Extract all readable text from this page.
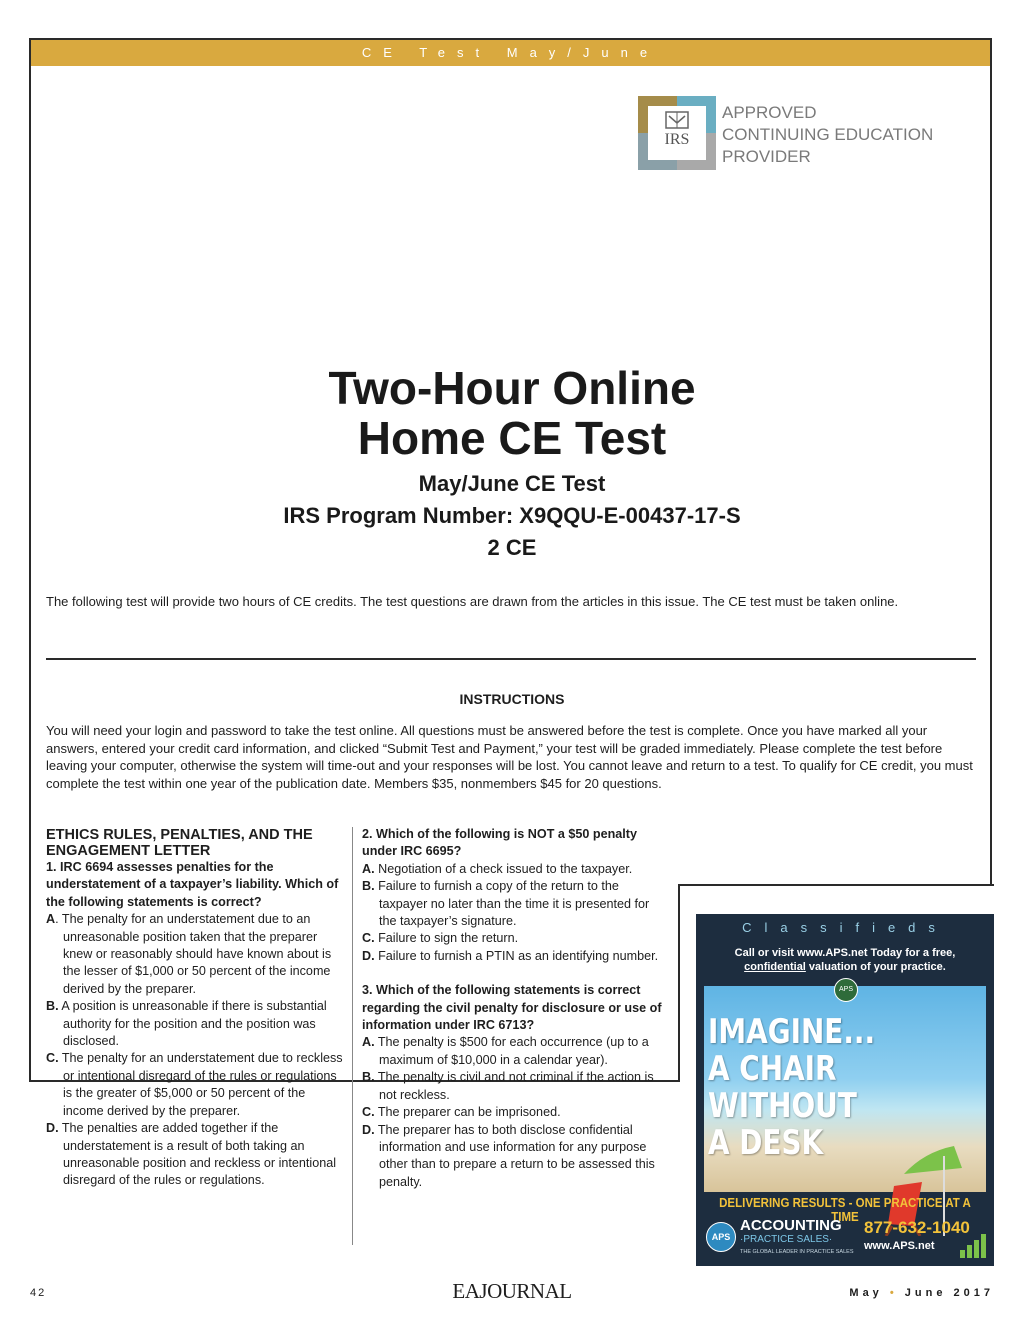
CE Test May/June
IRS
APPROVED
CONTINUING EDUCATION
PROVIDER
Two-Hour Online
Home CE Test
May/June CE Test
IRS Program Number: X9QQU-E-00437-17-S
2 CE
The following test will provide two hours of CE credits. The test questions are drawn from the articles in this issue. The CE test must be taken online.
INSTRUCTIONS
You will need your login and password to take the test online. All questions must be answered before the test is complete. Once you have marked all your answers, entered your credit card information, and clicked “Submit Test and Payment,” your test will be graded immediately. Please complete the test before leaving your computer, otherwise the system will time-out and your responses will be lost. You cannot leave and return to a test. To qualify for CE credit, you must complete the test within one year of the publication date. Members $35, nonmembers $45 for 20 questions.
ETHICS RULES, PENALTIES, AND THE ENGAGEMENT LETTER
1. IRC 6694 assesses penalties for the understatement of a taxpayer’s liability. Which of the following statements is correct?
A. The penalty for an understatement due to an unreasonable position taken that the preparer knew or reasonably should have known about is the lesser of $1,000 or 50 percent of the income derived by the preparer.
B. A position is unreasonable if there is substantial authority for the position and the position was disclosed.
C. The penalty for an understatement due to reckless or intentional disregard of the rules or regulations is the greater of $5,000 or 50 percent of the income derived by the preparer.
D. The penalties are added together if the understatement is a result of both taking an unreasonable position and reckless or intentional disregard of the rules or regulations.
2. Which of the following is NOT a $50 penalty under IRC 6695?
A. Negotiation of a check issued to the taxpayer.
B. Failure to furnish a copy of the return to the taxpayer no later than the time it is presented for the taxpayer’s signature.
C. Failure to sign the return.
D. Failure to furnish a PTIN as an identifying number.
3. Which of the following statements is correct regarding the civil penalty for disclosure or use of information under IRC 6713?
A. The penalty is $500 for each occurrence (up to a maximum of $10,000 in a calendar year).
B. The penalty is civil and not criminal if the action is not reckless.
C. The preparer can be imprisoned.
D. The preparer has to both disclose confidential information and use information for any purpose other than to prepare a return to be assessed this penalty.
Classifieds
Call or visit www.APS.net Today for a free,
confidential valuation of your practice.
APS
IMAGINE...
A CHAIR
WITHOUT
A DESK
DELIVERING RESULTS - ONE PRACTICE AT A TIME
APS
ACCOUNTING
·PRACTICE SALES·
THE GLOBAL LEADER IN PRACTICE SALES
877-632-1040
www.APS.net
42	EAJOURNAL	May • June 2017
